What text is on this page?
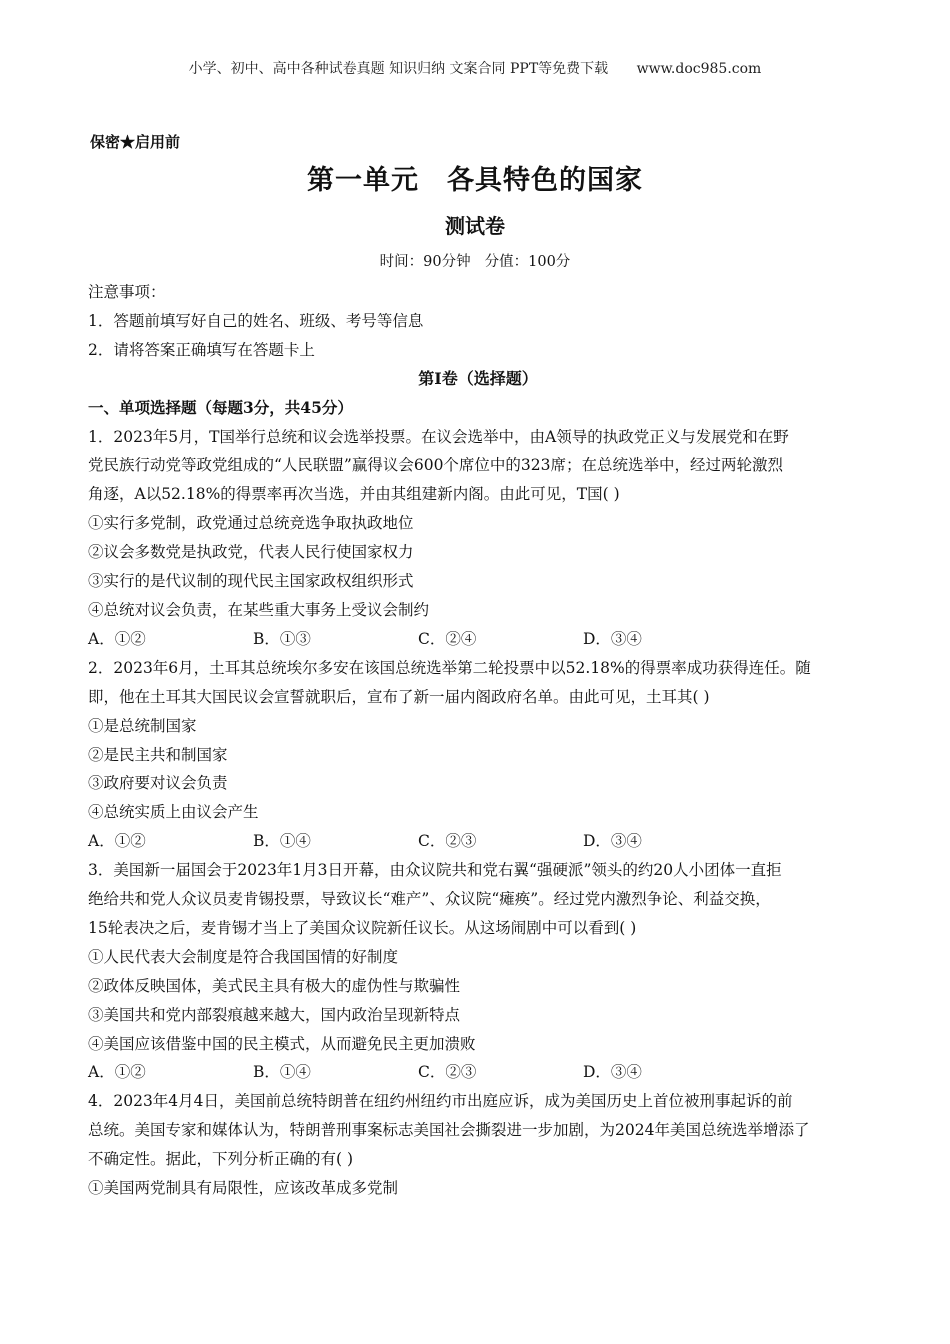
小学、初中、高中各种试卷真题 知识归纳 文案合同 PPT等免费下载 www.doc985.com
保密★启用前
第一单元 各具特色的国家
测试卷
时间：90分钟 分值：100分
注意事项：
1．答题前填写好自己的姓名、班级、考号等信息
2．请将答案正确填写在答题卡上
第I卷（选择题）
一、单项选择题（每题3分，共45分）
1．2023年5月，T国举行总统和议会选举投票。在议会选举中，由A领导的执政党正义与发展党和在野
党民族行动党等政党组成的“人民联盟”赢得议会600个席位中的323席；在总统选举中，经过两轮激烈
角逐，A以52.18%的得票率再次当选，并由其组建新内阁。由此可见，T国( )
①实行多党制，政党通过总统竞选争取执政地位
②议会多数党是执政党，代表人民行使国家权力
③实行的是代议制的现代民主国家政权组织形式
④总统对议会负责，在某些重大事务上受议会制约
A．①②	B．①③	C．②④	D．③④
2．2023年6月，土耳其总统埃尔多安在该国总统选举第二轮投票中以52.18%的得票率成功获得连任。随
即，他在土耳其大国民议会宣誓就职后，宣布了新一届内阁政府名单。由此可见，土耳其( )
①是总统制国家
②是民主共和制国家
③政府要对议会负责
④总统实质上由议会产生
A．①②	B．①④	C．②③	D．③④
3．美国新一届国会于2023年1月3日开幕，由众议院共和党右翼“强硬派”领头的约20人小团体一直拒
绝给共和党人众议员麦肯锡投票，导致议长“难产”、众议院“瘫痪”。经过党内激烈争论、利益交换，
15轮表决之后，麦肯锡才当上了美国众议院新任议长。从这场闹剧中可以看到( )
①人民代表大会制度是符合我国国情的好制度
②政体反映国体，美式民主具有极大的虚伪性与欺骗性
③美国共和党内部裂痕越来越大，国内政治呈现新特点
④美国应该借鉴中国的民主模式，从而避免民主更加溃败
A．①②	B．①④	C．②③	D．③④
4．2023年4月4日，美国前总统特朗普在纽约州纽约市出庭应诉，成为美国历史上首位被刑事起诉的前
总统。美国专家和媒体认为，特朗普刑事案标志美国社会撕裂进一步加剧，为2024年美国总统选举增添了
不确定性。据此，下列分析正确的有( )
①美国两党制具有局限性，应该改革成多党制
